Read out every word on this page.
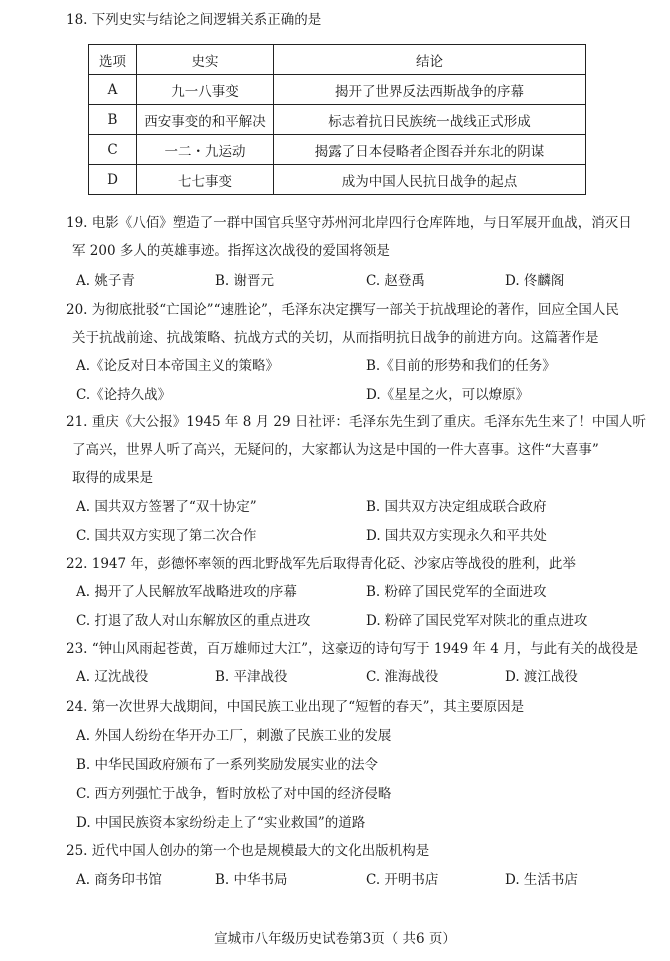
18. 下列史实与结论之间逻辑关系正确的是
选项	史实	结论
A	九一八事变	揭开了世界反法西斯战争的序幕
B	西安事变的和平解决	标志着抗日民族统一战线正式形成
C	一二・九运动	揭露了日本侵略者企图吞并东北的阴谋
D	七七事变	成为中国人民抗日战争的起点
19. 电影《八佰》塑造了一群中国官兵坚守苏州河北岸四行仓库阵地，与日军展开血战，消灭日
军 200 多人的英雄事迹。指挥这次战役的爱国将领是
A. 姚子青	B. 谢晋元	C. 赵登禹	D. 佟麟阁
20. 为彻底批驳“亡国论”“速胜论”，毛泽东决定撰写一部关于抗战理论的著作，回应全国人民
关于抗战前途、抗战策略、抗战方式的关切，从而指明抗日战争的前进方向。这篇著作是
A.《论反对日本帝国主义的策略》	B.《目前的形势和我们的任务》
C.《论持久战》	D.《星星之火，可以燎原》
21. 重庆《大公报》1945 年 8 月 29 日社评：毛泽东先生到了重庆。毛泽东先生来了！中国人听
了高兴，世界人听了高兴，无疑问的，大家都认为这是中国的一件大喜事。这件“大喜事”
取得的成果是
A. 国共双方签署了“双十协定”	B. 国共双方决定组成联合政府
C. 国共双方实现了第二次合作	D. 国共双方实现永久和平共处
22. 1947 年，彭德怀率领的西北野战军先后取得青化砭、沙家店等战役的胜利，此举
A. 揭开了人民解放军战略进攻的序幕	B. 粉碎了国民党军的全面进攻
C. 打退了敌人对山东解放区的重点进攻	D. 粉碎了国民党军对陕北的重点进攻
23. “钟山风雨起苍黄，百万雄师过大江”，这豪迈的诗句写于 1949 年 4 月，与此有关的战役是
A. 辽沈战役	B. 平津战役	C. 淮海战役	D. 渡江战役
24. 第一次世界大战期间，中国民族工业出现了“短暂的春天”，其主要原因是
A. 外国人纷纷在华开办工厂，刺激了民族工业的发展
B. 中华民国政府颁布了一系列奖励发展实业的法令
C. 西方列强忙于战争，暂时放松了对中国的经济侵略
D. 中国民族资本家纷纷走上了“实业救国”的道路
25. 近代中国人创办的第一个也是规模最大的文化出版机构是
A. 商务印书馆	B. 中华书局	C. 开明书店	D. 生活书店
宣城市八年级历史试卷第3页（ 共6 页）
